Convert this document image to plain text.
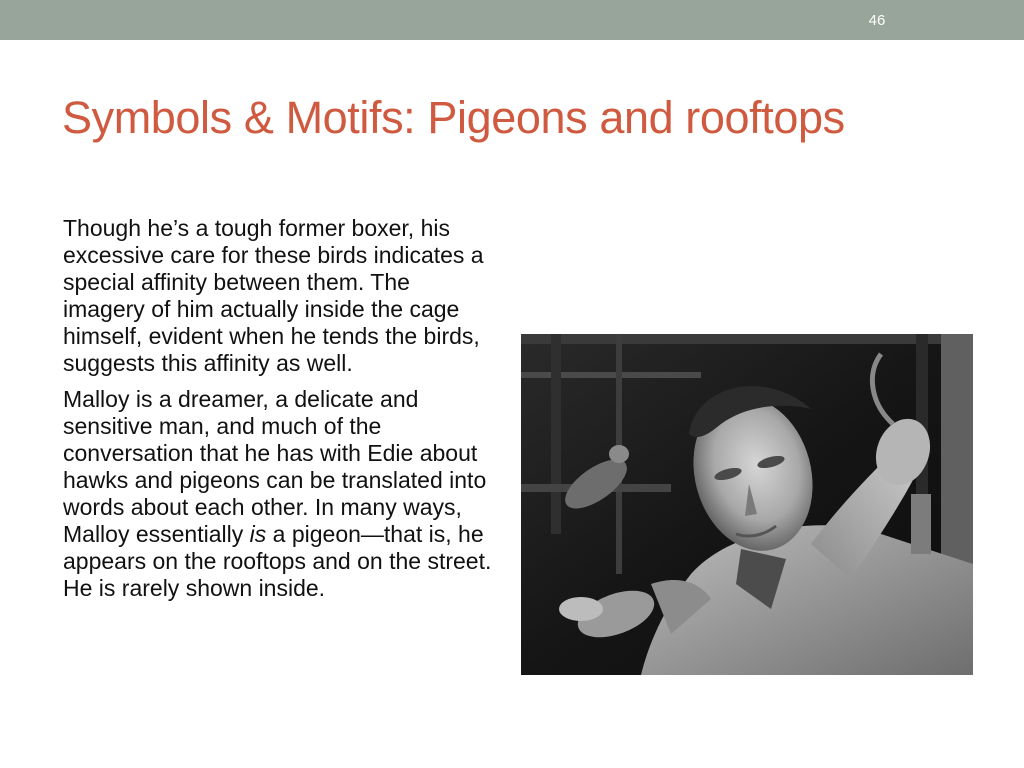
46
Symbols & Motifs: Pigeons and rooftops

Though he’s a tough former boxer, his excessive care for these birds indicates a special affinity between them. The imagery of him actually inside the cage himself, evident when he tends the birds, suggests this affinity as well.

Malloy is a dreamer, a delicate and sensitive man, and much of the conversation that he has with Edie about hawks and pigeons can be translated into words about each other. In many ways, Malloy essentially is a pigeon—that is, he appears on the rooftops and on the street. He is rarely shown inside.
